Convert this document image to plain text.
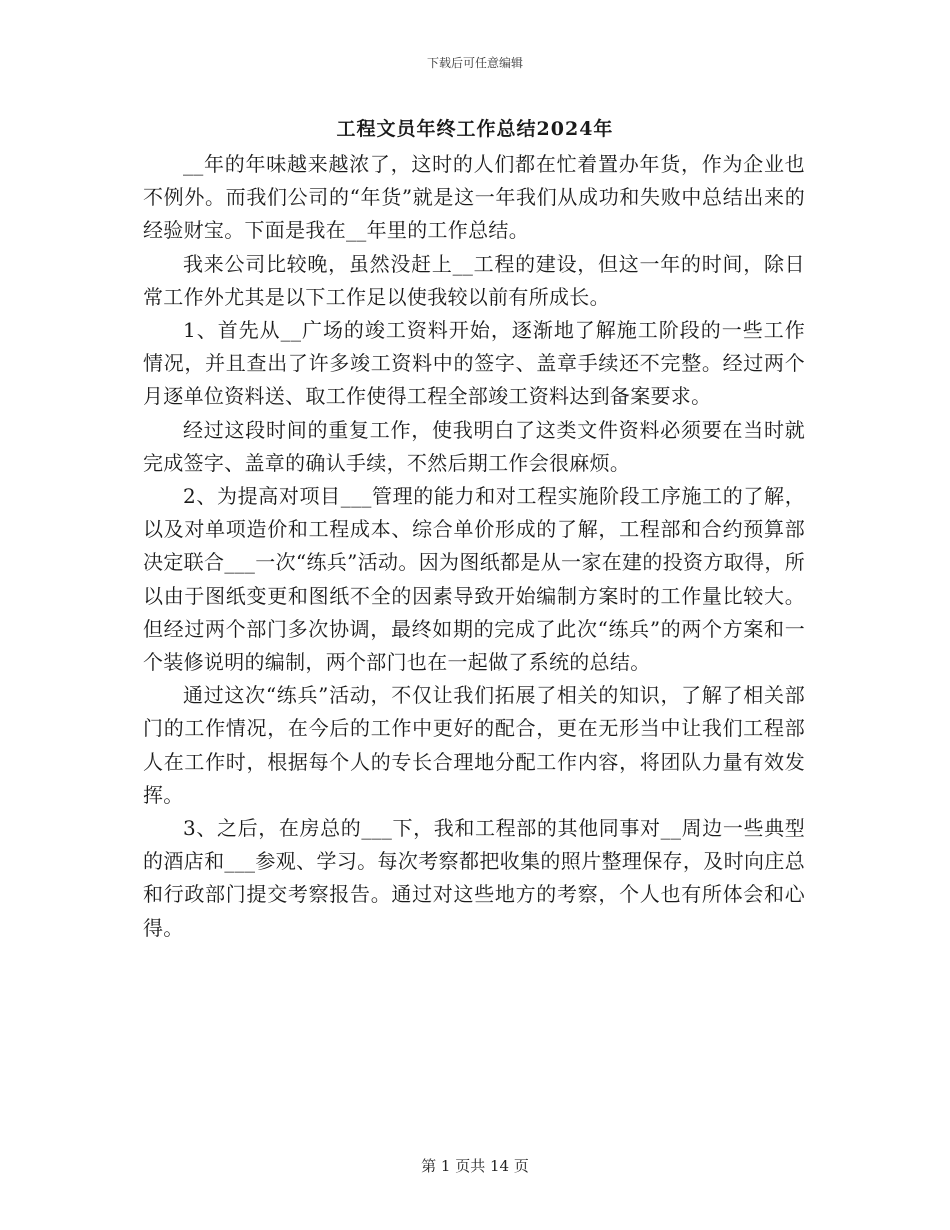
下载后可任意编辑
工程文员年终工作总结2024年

__年的年味越来越浓了，这时的人们都在忙着置办年货，作为企业也不例外。而我们公司的“年货”就是这一年我们从成功和失败中总结出来的经验财宝。下面是我在__年里的工作总结。

我来公司比较晚，虽然没赶上__工程的建设，但这一年的时间，除日常工作外尤其是以下工作足以使我较以前有所成长。

1、首先从__广场的竣工资料开始，逐渐地了解施工阶段的一些工作情况，并且查出了许多竣工资料中的签字、盖章手续还不完整。经过两个月逐单位资料送、取工作使得工程全部竣工资料达到备案要求。

经过这段时间的重复工作，使我明白了这类文件资料必须要在当时就完成签字、盖章的确认手续，不然后期工作会很麻烦。

2、为提高对项目___管理的能力和对工程实施阶段工序施工的了解，以及对单项造价和工程成本、综合单价形成的了解，工程部和合约预算部决定联合___一次“练兵”活动。因为图纸都是从一家在建的投资方取得，所以由于图纸变更和图纸不全的因素导致开始编制方案时的工作量比较大。但经过两个部门多次协调，最终如期的完成了此次“练兵”的两个方案和一个装修说明的编制，两个部门也在一起做了系统的总结。

通过这次“练兵”活动，不仅让我们拓展了相关的知识，了解了相关部门的工作情况，在今后的工作中更好的配合，更在无形当中让我们工程部人在工作时，根据每个人的专长合理地分配工作内容，将团队力量有效发挥。

3、之后，在房总的___下，我和工程部的其他同事对__周边一些典型的酒店和___参观、学习。每次考察都把收集的照片整理保存，及时向庄总和行政部门提交考察报告。通过对这些地方的考察，个人也有所体会和心得。

第 1 页共 14 页
